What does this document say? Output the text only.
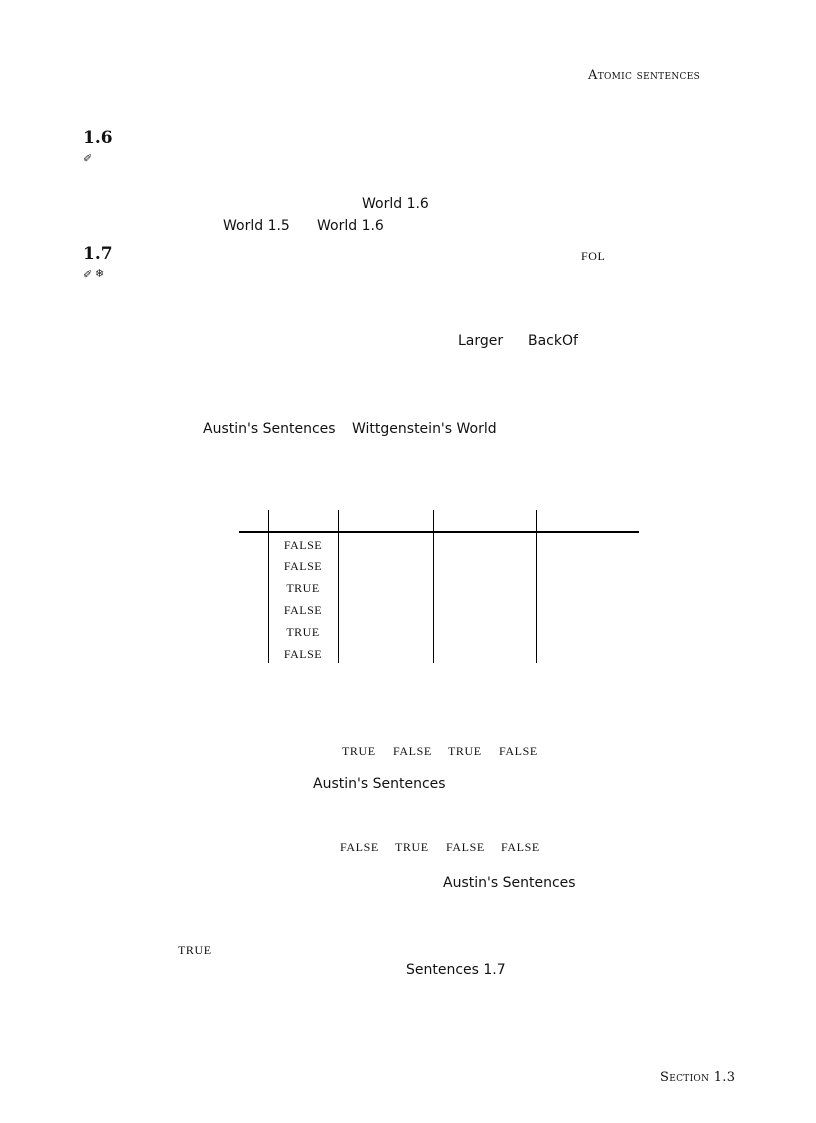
Atomic sentences
1.6
✐
World 1.6
World 1.5 World 1.6
1.7
✐ ❄
FOL
Larger BackOf
Austin's Sentences Wittgenstein's World
FALSE
FALSE
TRUE
FALSE
TRUE
FALSE
TRUE FALSE TRUE FALSE
Austin's Sentences
FALSE TRUE FALSE FALSE
Austin's Sentences
TRUE
Sentences 1.7
Section 1.3
